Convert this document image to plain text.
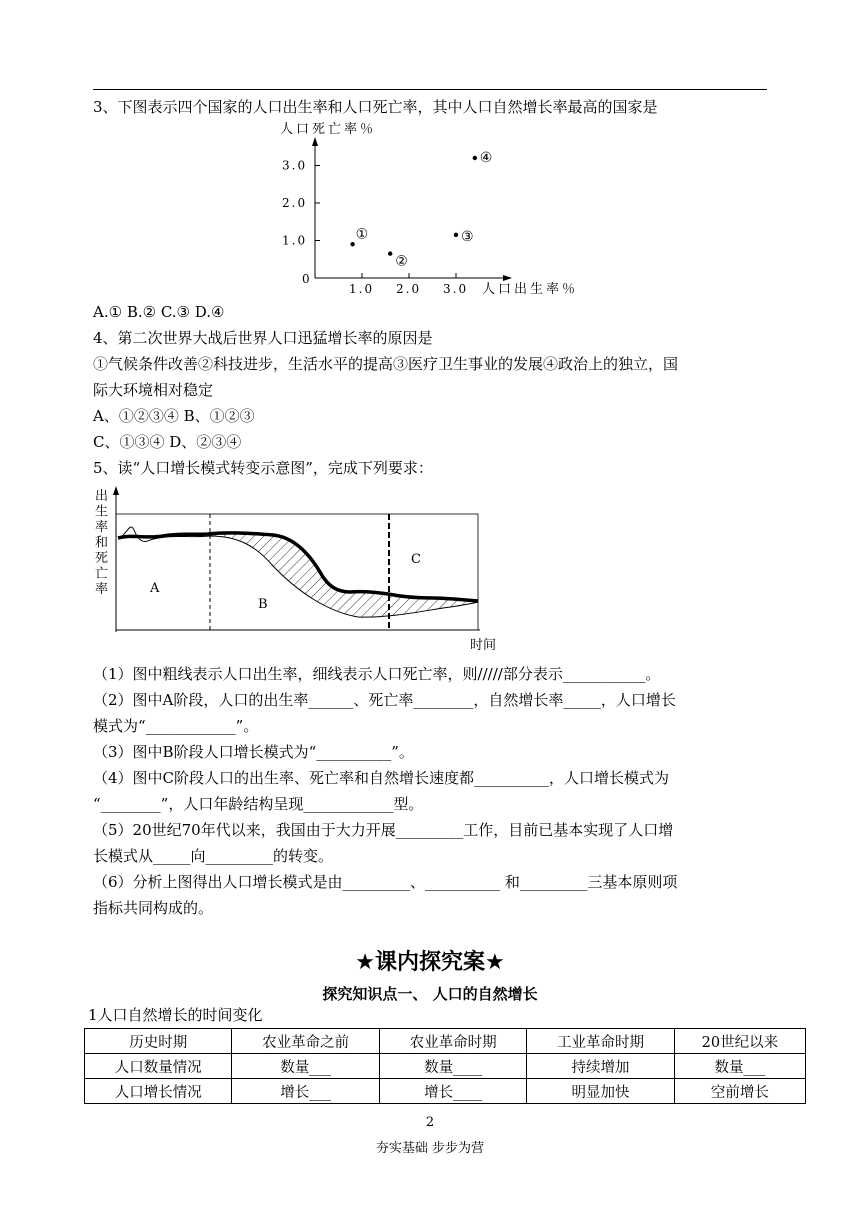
3、下图表示四个国家的人口出生率和人口死亡率，其中人口自然增长率最高的国家是
人口死亡率％
3.0
2.0
1.0
1.0 2.0 3.0
0
人口出生率％
①
②
③
④
A.① B.② C.③ D.④
4、第二次世界大战后世界人口迅猛增长率的原因是
①气候条件改善②科技进步，生活水平的提高③医疗卫生事业的发展④政治上的独立，国
际大环境相对稳定
A、①②③④ B、①②③
C、①③④ D、②③④
5、读“人口增长模式转变示意图”，完成下列要求：
出
生
率
和
死
亡
率	A
B
C
时间
（1）图中粗线表示人口出生率，细线表示人口死亡率，则/////部分表示___________。
（2）图中A阶段，人口的出生率______、死亡率________，自然增长率_____，人口增长
模式为“____________”。
（3）图中B阶段人口增长模式为“__________”。
（4）图中C阶段人口的出生率、死亡率和自然增长速度都__________，人口增长模式为
“________”，人口年龄结构呈现____________型。
（5）20世纪70年代以来，我国由于大力开展_________工作，目前已基本实现了人口增
长模式从_____向_________的转变。
（6）分析上图得出人口增长模式是由_________、__________ 和_________三基本原则项
指标共同构成的。
★课内探究案★
探究知识点一、 人口的自然增长
1人口自然增长的时间变化
历史时期	农业革命之前	农业革命时期	工业革命时期	20世纪以来
人口数量情况	数量___	数量____	持续增加	数量___
人口增长情况	增长___	增长____	明显加快	空前增长
2
夯实基础 步步为营
